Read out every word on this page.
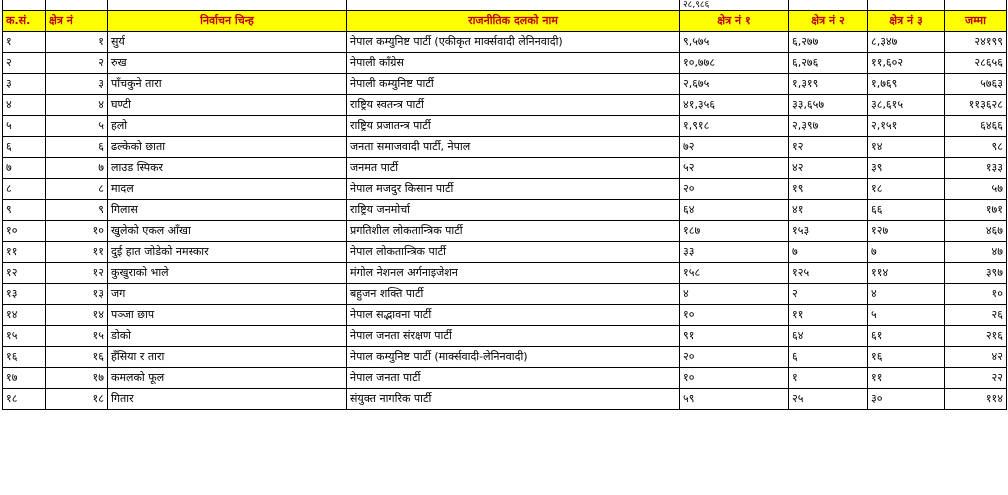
				२८,९८६			
क.सं.	क्षेत्र नं	निर्वाचन चिन्ह	राजनीतिक दलको नाम	क्षेत्र नं १	क्षेत्र नं २	क्षेत्र नं ३	जम्मा
१	१	सुर्य	नेपाल कम्युनिष्ट पार्टी (एकीकृत मार्क्सवादी लेनिनवादी)	९,५७५	६,२७७	८,३४७	२४१९९
२	२	रुख	नेपाली काँग्रेस	१०,७७८	६,२७६	११,६०२	२८६५६
३	३	पाँचकुने तारा	नेपाली कम्युनिष्ट पार्टी	२,६७५	१,३१९	१,७६९	५७६३
४	४	घण्टी	राष्ट्रिय स्वतन्त्र पार्टी	४१,३५६	३३,६५७	३८,६१५	११३६२८
५	५	हलो	राष्ट्रिय प्रजातन्त्र पार्टी	१,९१८	२,३९७	२,१५१	६४६६
६	६	ढल्केको छाता	जनता समाजवादी पार्टी, नेपाल	७२	१२	१४	९८
७	७	लाउड स्पिकर	जनमत पार्टी	५२	४२	३९	१३३
८	८	मादल	नेपाल मजदुर किसान पार्टी	२०	१९	१८	५७
९	९	गिलास	राष्ट्रिय जनमोर्चा	६४	४१	६६	१७१
१०	१०	खुलेको एकल आँखा	प्रगतिशील लोकतान्त्रिक पार्टी	१८७	१५३	१२७	४६७
११	११	दुई हात जोडेको नमस्कार	नेपाल लोकतान्त्रिक पार्टी	३३	७	७	४७
१२	१२	कुखुराको भाले	मंगोल नेशनल अर्गनाइजेशन	१५८	१२५	११४	३९७
१३	१३	जग	बहुजन शक्ति पार्टी	४	२	४	१०
१४	१४	पञ्जा छाप	नेपाल सद्भावना पार्टी	१०	११	५	२६
१५	१५	डोको	नेपाल जनता संरक्षण पार्टी	९१	६४	६१	२१६
१६	१६	हँसिया र तारा	नेपाल कम्युनिष्ट पार्टी (मार्क्सवादी-लेनिनवादी)	२०	६	१६	४२
१७	१७	कमलको फूल	नेपाल जनता पार्टी	१०	१	११	२२
१८	१८	गितार	संयुक्त नागरिक पार्टी	५९	२५	३०	११४
